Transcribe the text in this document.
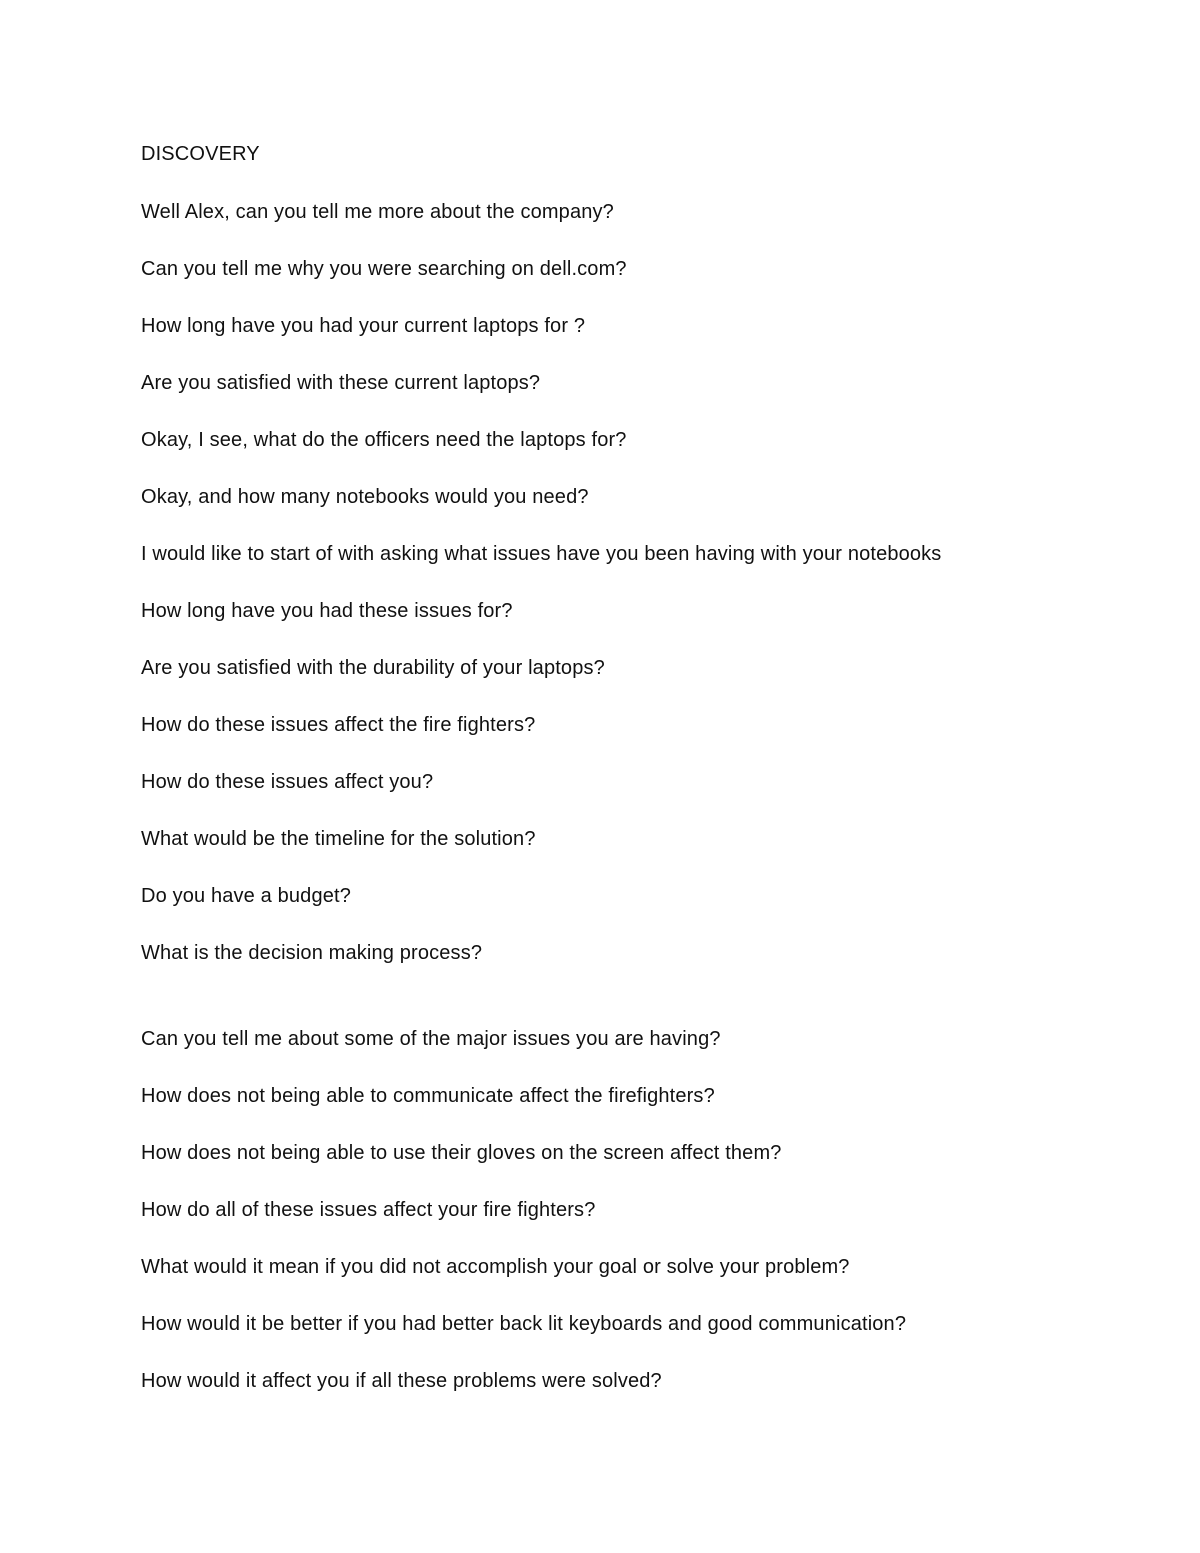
DISCOVERY

Well Alex, can you tell me more about the company?

Can you tell me why you were searching on dell.com?

How long have you had your current laptops for ?

Are you satisfied with these current laptops?

Okay, I see, what do the officers need the laptops for?

Okay, and how many notebooks would you need?

I would like to start of with asking what issues have you been having with your notebooks

How long have you had these issues for?

Are you satisfied with the durability of your laptops?

How do these issues affect the fire fighters?

How do these issues affect you?

What would be the timeline for the solution?

Do you have a budget?

What is the decision making process?

Can you tell me about some of the major issues you are having?

How does not being able to communicate affect the firefighters?

How does not being able to use their gloves on the screen affect them?

How do all of these issues affect your fire fighters?

What would it mean if you did not accomplish your goal or solve your problem?

How would it be better if you had better back lit keyboards and good communication?

How would it affect you if all these problems were solved?
